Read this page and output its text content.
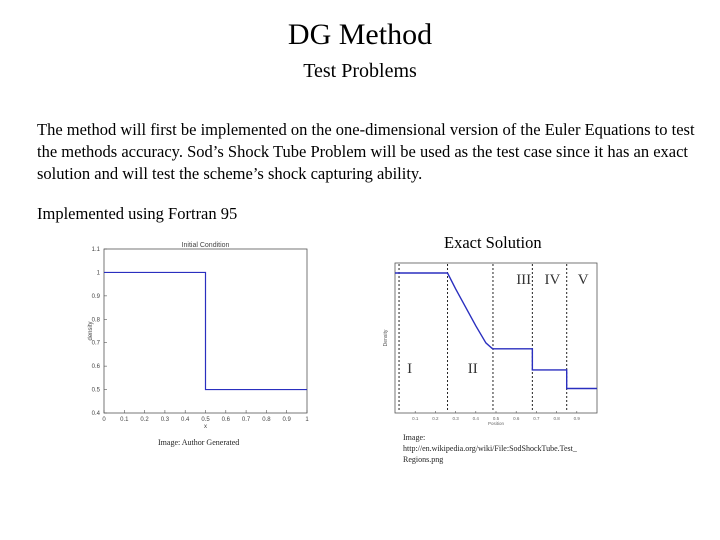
DG Method
Test Problems
The method will first be implemented on the one-dimensional version of the Euler Equations to test the methods accuracy. Sod’s Shock Tube Problem will be used as the test case since it has an exact solution and will test the scheme’s shock capturing ability.
Implemented using Fortran 95
Exact Solution
Initial Condition
0.4
0.5
0.6
0.7
0.8
0.9
1
1.1
0 0.1 0.2 0.3 0.4 0.5 0.6 0.7 0.8 0.9 1
x
density
Image: Author Generated
0.1	0.2	0.3	0.4	0.5	0.6	0.7	0.8	0.9
Position
Density
I	II
III IV V
Image:
http://en.wikipedia.org/wiki/File:SodShockTube.Test_
Regions.png
